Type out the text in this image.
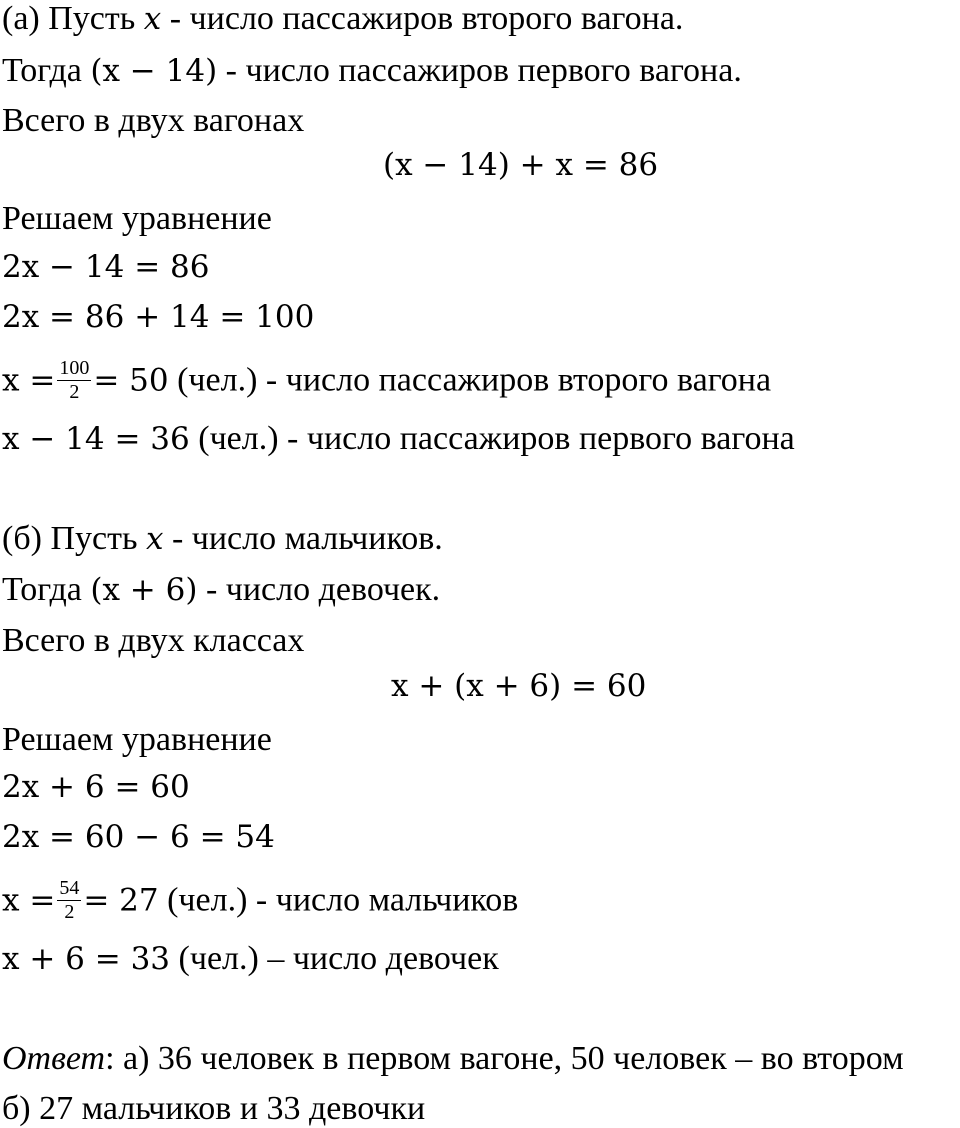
(а) Пусть x - число пассажиров второго вагона.
Тогда (x − 14) - число пассажиров первого вагона.
Всего в двух вагонах
(x − 14) + x = 86
Решаем уравнение
2x − 14 = 86
2x = 86 + 14 = 100
$x = \frac{100}{2} = 50$ (чел.) - число пассажиров второго вагона
x − 14 = 36 (чел.) - число пассажиров первого вагона
(б) Пусть x - число мальчиков.
Тогда (x + 6) - число девочек.
Всего в двух классах
x + (x + 6) = 60
Решаем уравнение
2x + 6 = 60
2x = 60 − 6 = 54
$x = \frac{54}{2} = 27$ (чел.) - число мальчиков
x + 6 = 33 (чел.) – число девочек
Ответ: а) 36 человек в первом вагоне, 50 человек – во втором
б) 27 мальчиков и 33 девочки
